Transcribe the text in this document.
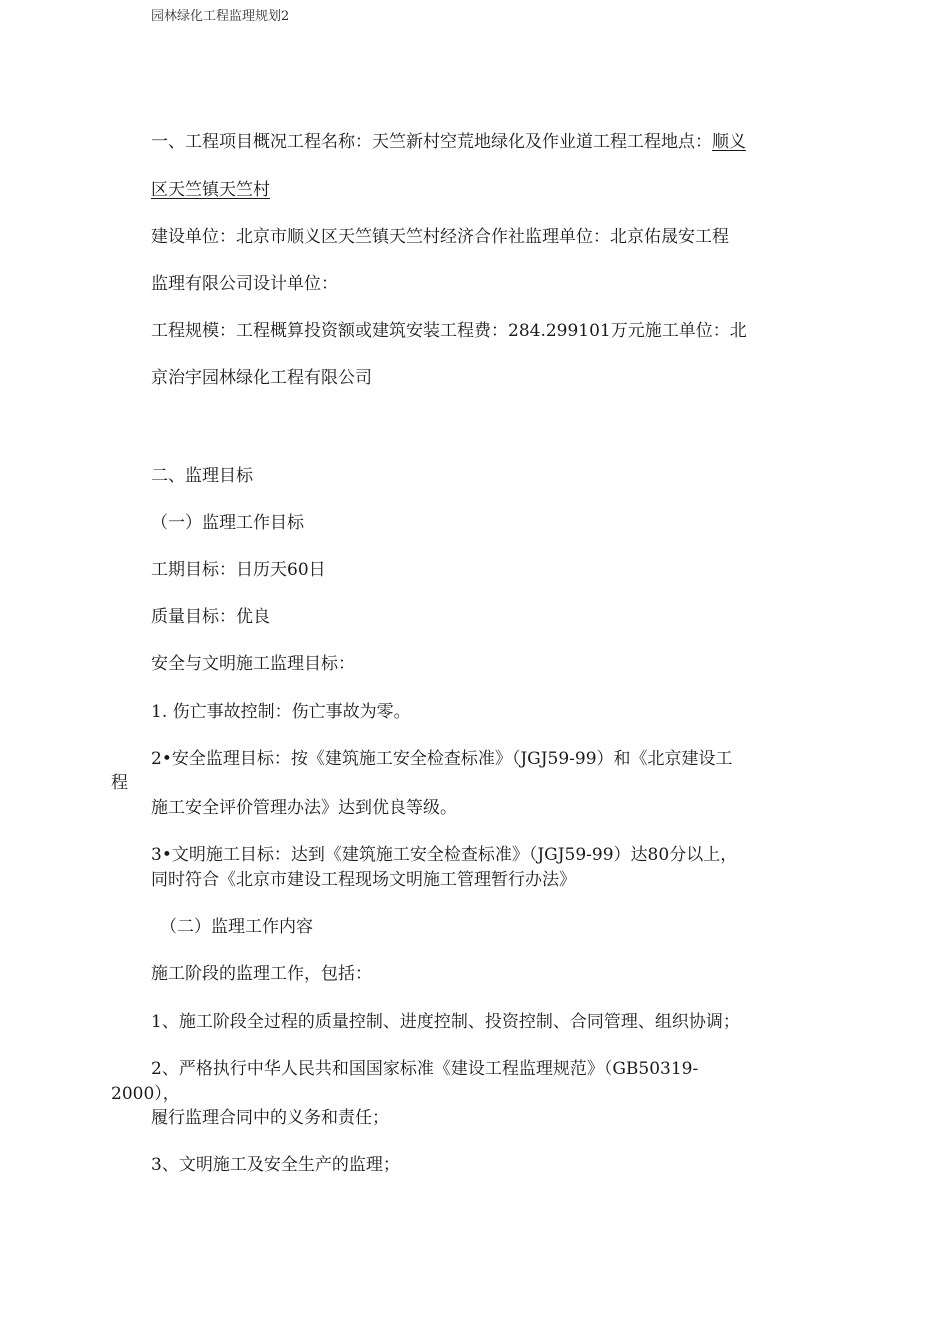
园林绿化工程监理规划2
一、工程项目概况工程名称：天竺新村空荒地绿化及作业道工程工程地点：顺义
区天竺镇天竺村
建设单位：北京市顺义区天竺镇天竺村经济合作社监理单位：北京佑晟安工程
监理有限公司设计单位：
工程规模：工程概算投资额或建筑安装工程费：284.299101万元施工单位：北
京治宇园林绿化工程有限公司
二、监理目标
（一）监理工作目标
工期目标：日历天60日
质量目标：优良
安全与文明施工监理目标：
1. 伤亡事故控制：伤亡事故为零。
2•安全监理目标：按《建筑施工安全检查标准》（JGJ59-99）和《北京建设工
程
施工安全评价管理办法》达到优良等级。
3•文明施工目标：达到《建筑施工安全检查标准》（JGJ59-99）达80分以上，
同时符合《北京市建设工程现场文明施工管理暂行办法》
（二）监理工作内容
施工阶段的监理工作，包括：
1、施工阶段全过程的质量控制、进度控制、投资控制、合同管理、组织协调；
2、严格执行中华人民共和国国家标准《建设工程监理规范》（GB50319-
2000），
履行监理合同中的义务和责任；
3、文明施工及安全生产的监理；
